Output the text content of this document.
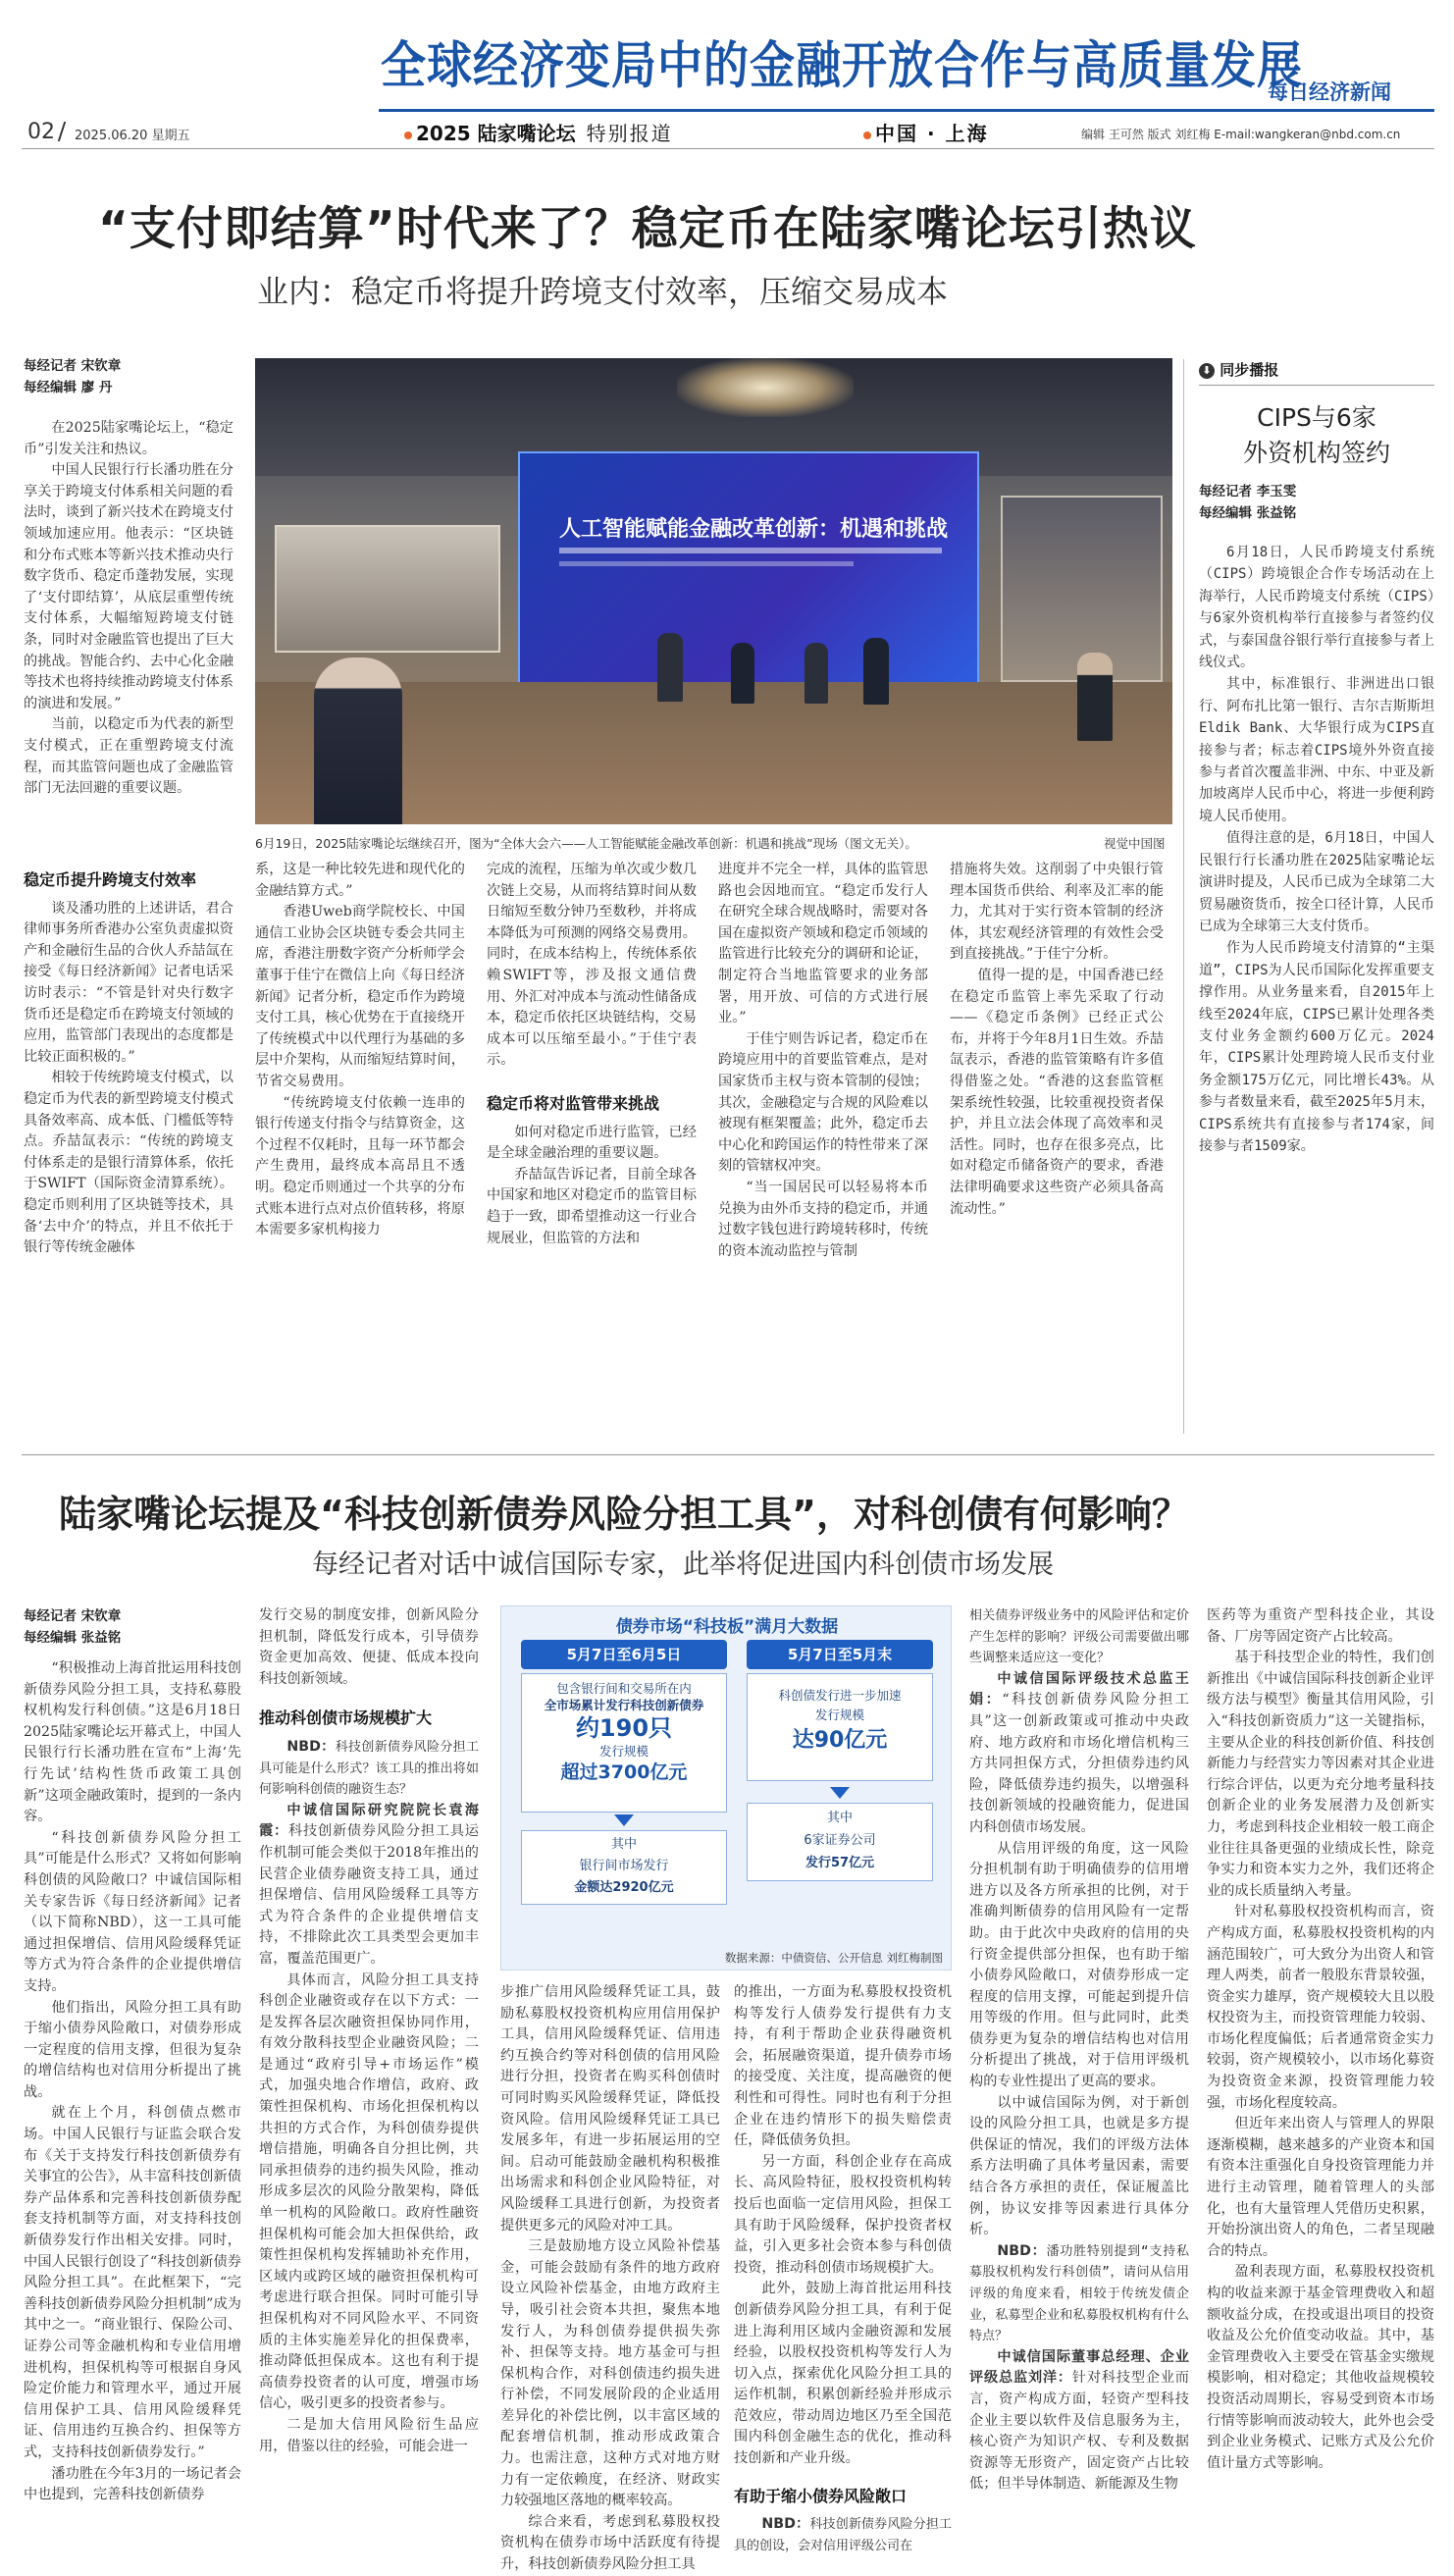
全球经济变局中的金融开放合作与高质量发展
每日经济新闻
02 2025.06.20 星期五	2025 陆家嘴论坛 特别报道	中国 · 上海	编辑 王可然 版式 刘红梅 E-mail:wangkeran@nbd.com.cn
“支付即结算”时代来了？稳定币在陆家嘴论坛引热议
业内：稳定币将提升跨境支付效率，压缩交易成本
每经记者 宋钦章
每经编辑 廖 丹
人工智能赋能金融改革创新：机遇和挑战
6月19日，2025陆家嘴论坛继续召开，图为“全体大会六——人工智能赋能金融改革创新：机遇和挑战”现场（图文无关）。	视觉中国图

在2025陆家嘴论坛上，“稳定币”引发关注和热议。

中国人民银行行长潘功胜在分享关于跨境支付体系相关问题的看法时，谈到了新兴技术在跨境支付领域加速应用。他表示：“区块链和分布式账本等新兴技术推动央行数字货币、稳定币蓬勃发展，实现了‘支付即结算’，从底层重塑传统支付体系，大幅缩短跨境支付链条，同时对金融监管也提出了巨大的挑战。智能合约、去中心化金融等技术也将持续推动跨境支付体系的演进和发展。”

当前，以稳定币为代表的新型支付模式，正在重塑跨境支付流程，而其监管问题也成了金融监管部门无法回避的重要议题。

稳定币提升跨境支付效率

谈及潘功胜的上述讲话，君合律师事务所香港办公室负责虚拟资产和金融衍生品的合伙人乔喆氙在接受《每日经济新闻》记者电话采访时表示：“不管是针对央行数字货币还是稳定币在跨境支付领域的应用，监管部门表现出的态度都是比较正面积极的。”

相较于传统跨境支付模式，以稳定币为代表的新型跨境支付模式具备效率高、成本低、门槛低等特点。乔喆氙表示：“传统的跨境支付体系走的是银行清算体系，依托于SWIFT（国际资金清算系统）。稳定币则利用了区块链等技术，具备‘去中介’的特点，并且不依托于银行等传统金融体

系，这是一种比较先进和现代化的金融结算方式。”

香港Uweb商学院校长、中国通信工业协会区块链专委会共同主席，香港注册数字资产分析师学会董事于佳宁在微信上向《每日经济新闻》记者分析，稳定币作为跨境支付工具，核心优势在于直接绕开了传统模式中以代理行为基础的多层中介架构，从而缩短结算时间，节省交易费用。

“传统跨境支付依赖一连串的银行传递支付指令与结算资金，这个过程不仅耗时，且每一环节都会产生费用，最终成本高昂且不透明。稳定币则通过一个共享的分布式账本进行点对点价值转移，将原本需要多家机构接力

完成的流程，压缩为单次或少数几次链上交易，从而将结算时间从数日缩短至数分钟乃至数秒，并将成本降低为可预测的网络交易费用。同时，在成本结构上，传统体系依赖SWIFT等，涉及报文通信费用、外汇对冲成本与流动性储备成本，稳定币依托区块链结构，交易成本可以压缩至最小。”于佳宁表示。

稳定币将对监管带来挑战

如何对稳定币进行监管，已经是全球金融治理的重要议题。

乔喆氙告诉记者，目前全球各中国家和地区对稳定币的监管目标趋于一致，即希望推动这一行业合规展业，但监管的方法和

进度并不完全一样，具体的监管思路也会因地而宜。“稳定币发行人在研究全球合规战略时，需要对各国在虚拟资产领域和稳定币领域的监管进行比较充分的调研和论证，制定符合当地监管要求的业务部署，用开放、可信的方式进行展业。”

于佳宁则告诉记者，稳定币在跨境应用中的首要监管难点，是对国家货币主权与资本管制的侵蚀；其次，金融稳定与合规的风险难以被现有框架覆盖；此外，稳定币去中心化和跨国运作的特性带来了深刻的管辖权冲突。

“当一国居民可以轻易将本币兑换为由外币支持的稳定币，并通过数字钱包进行跨境转移时，传统的资本流动监控与管制

措施将失效。这削弱了中央银行管理本国货币供给、利率及汇率的能力，尤其对于实行资本管制的经济体，其宏观经济管理的有效性会受到直接挑战。”于佳宁分析。

值得一提的是，中国香港已经在稳定币监管上率先采取了行动——《稳定币条例》已经正式公布，并将于今年8月1日生效。乔喆氙表示，香港的监管策略有许多值得借鉴之处。“香港的这套监管框架系统性较强，比较重视投资者保护，并且立法会体现了高效率和灵活性。同时，也存在很多亮点，比如对稳定币储备资产的要求，香港法律明确要求这些资产必须具备高流动性。”

⬇ 同步播报
CIPS与6家
外资机构签约
每经记者 李玉雯
每经编辑 张益铭

6月18日，人民币跨境支付系统（CIPS）跨境银企合作专场活动在上海举行，人民币跨境支付系统（CIPS）与6家外资机构举行直接参与者签约仪式，与泰国盘谷银行举行直接参与者上线仪式。

其中，标准银行、非洲进出口银行、阿布扎比第一银行、吉尔吉斯斯坦Eldik Bank、大华银行成为CIPS直接参与者；标志着CIPS境外外资直接参与者首次覆盖非洲、中东、中亚及新加坡离岸人民币中心，将进一步便利跨境人民币使用。

值得注意的是，6月18日，中国人民银行行长潘功胜在2025陆家嘴论坛演讲时提及，人民币已成为全球第二大贸易融资货币，按全口径计算，人民币已成为全球第三大支付货币。

作为人民币跨境支付清算的“主渠道”，CIPS为人民币国际化发挥重要支撑作用。从业务量来看，自2015年上线至2024年底，CIPS已累计处理各类支付业务金额约600万亿元。2024年，CIPS累计处理跨境人民币支付业务金额175万亿元，同比增长43%。从参与者数量来看，截至2025年5月末，CIPS系统共有直接参与者174家，间接参与者1509家。

陆家嘴论坛提及“科技创新债券风险分担工具”，对科创债有何影响？
每经记者对话中诚信国际专家，此举将促进国内科创债市场发展
每经记者 宋钦章
每经编辑 张益铭

“积极推动上海首批运用科技创新债券风险分担工具，支持私募股权机构发行科创债。”这是6月18日2025陆家嘴论坛开幕式上，中国人民银行行长潘功胜在宣布“上海‘先行先试’结构性货币政策工具创新”这项金融政策时，提到的一条内容。

“科技创新债券风险分担工具”可能是什么形式？又将如何影响科创债的风险敞口？中诚信国际相关专家告诉《每日经济新闻》记者（以下简称NBD），这一工具可能通过担保增信、信用风险缓释凭证等方式为符合条件的企业提供增信支持。

他们指出，风险分担工具有助于缩小债券风险敞口，对债券形成一定程度的信用支撑，但很为复杂的增信结构也对信用分析提出了挑战。

就在上个月，科创债点燃市场。中国人民银行与证监会联合发布《关于支持发行科技创新债券有关事宜的公告》，从丰富科技创新债券产品体系和完善科技创新债券配套支持机制等方面，对支持科技创新债券发行作出相关安排。同时，中国人民银行创设了“科技创新债券风险分担工具”。在此框架下，“完善科技创新债券风险分担机制”成为其中之一。“商业银行、保险公司、证券公司等金融机构和专业信用增进机构，担保机构等可根据自身风险定价能力和管理水平，通过开展信用保护工具、信用风险缓释凭证、信用违约互换合约、担保等方式，支持科技创新债券发行。”

潘功胜在今年3月的一场记者会中也提到，完善科技创新债券

发行交易的制度安排，创新风险分担机制，降低发行成本，引导债券资金更加高效、便捷、低成本投向科技创新领域。

推动科创债市场规模扩大

NBD：科技创新债券风险分担工具可能是什么形式？该工具的推出将如何影响科创债的融资生态？

中诚信国际研究院院长袁海霞：科技创新债券风险分担工具运作机制可能会类似于2018年推出的民营企业债券融资支持工具，通过担保增信、信用风险缓释工具等方式为符合条件的企业提供增信支持，不排除此次工具类型会更加丰富，覆盖范围更广。

具体而言，风险分担工具支持科创企业融资或存在以下方式：一是发挥各层次融资担保协同作用，有效分散科技型企业融资风险；二是通过“政府引导+市场运作”模式，加强央地合作增信，政府、政策性担保机构、市场化担保机构以共担的方式合作，为科创债券提供增信措施，明确各自分担比例，共同承担债券的违约损失风险，推动形成多层次的风险分散架构，降低单一机构的风险敞口。政府性融资担保机构可能会加大担保供给，政策性担保机构发挥辅助补充作用，区域内或跨区域的融资担保机构可考虑进行联合担保。同时可能引导担保机构对不同风险水平、不同资质的主体实施差异化的担保费率，推动降低担保成本。这也有利于提高债券投资者的认可度，增强市场信心，吸引更多的投资者参与。

二是加大信用风险衍生品应用，借鉴以往的经验，可能会进一

债券市场“科技板”满月大数据
5月7日至6月5日
包含银行间和交易所在内
全市场累计发行科技创新债券
约190只
发行规模
超过3700亿元
其中
银行间市场发行
金额达2920亿元
5月7日至5月末
科创债发行进一步加速
发行规模
达90亿元
其中
6家证券公司
发行57亿元
数据来源：中债资信、公开信息 刘红梅制图

步推广信用风险缓释凭证工具，鼓励私募股权投资机构应用信用保护工具，信用风险缓释凭证、信用违约互换合约等对科创债的信用风险进行分担，投资者在购买科创债时可同时购买风险缓释凭证，降低投资风险。信用风险缓释凭证工具已发展多年，有进一步拓展运用的空间。启动可能鼓励金融机构积极推出场需求和科创企业风险特征，对风险缓释工具进行创新，为投资者提供更多元的风险对冲工具。

三是鼓励地方设立风险补偿基金，可能会鼓励有条件的地方政府设立风险补偿基金，由地方政府主导，吸引社会资本共担，聚焦本地发行人，为科创债券提供损失弥补、担保等支持。地方基金可与担保机构合作，对科创债违约损失进行补偿，不同发展阶段的企业适用差异化的补偿比例，以丰富区域的配套增信机制，推动形成政策合力。也需注意，这种方式对地方财力有一定依赖度，在经济、财政实力较强地区落地的概率较高。

综合来看，考虑到私募股权投资机构在债券市场中活跃度有待提升，科技创新债券风险分担工具

的推出，一方面为私募股权投资机构等发行人债券发行提供有力支持，有利于帮助企业获得融资机会，拓展融资渠道，提升债券市场的接受度、关注度，提高融资的便利性和可得性。同时也有利于分担企业在违约情形下的损失赔偿责任，降低债务负担。

另一方面，科创企业存在高成长、高风险特征，股权投资机构转投后也面临一定信用风险，担保工具有助于风险缓释，保护投资者权益，引入更多社会资本参与科创债投资，推动科创债市场规模扩大。

此外，鼓励上海首批运用科技创新债券风险分担工具，有利于促进上海利用区域内金融资源和发展经验，以股权投资机构等发行人为切入点，探索优化风险分担工具的运作机制，积累创新经验并形成示范效应，带动周边地区乃至全国范围内科创金融生态的优化，推动科技创新和产业升级。

有助于缩小债券风险敞口

NBD：科技创新债券风险分担工具的创设，会对信用评级公司在

相关债券评级业务中的风险评估和定价产生怎样的影响？评级公司需要做出哪些调整来适应这一变化？

中诚信国际评级技术总监王娟：“科技创新债券风险分担工具”这一创新政策或可推动中央政府、地方政府和市场化增信机构三方共同担保方式，分担债券违约风险，降低债券违约损失，以增强科技创新领域的投融资能力，促进国内科创债市场发展。

从信用评级的角度，这一风险分担机制有助于明确债券的信用增进方以及各方所承担的比例，对于准确判断债券的信用风险有一定帮助。由于此次中央政府的信用的央行资金提供部分担保，也有助于缩小债券风险敞口，对债券形成一定程度的信用支撑，可能起到提升信用等级的作用。但与此同时，此类债券更为复杂的增信结构也对信用分析提出了挑战，对于信用评级机构的专业性提出了更高的要求。

以中诚信国际为例，对于新创设的风险分担工具，也就是多方提供保证的情况，我们的评级方法体系方法明确了具体考量因素，需要结合各方承担的责任，保证履盖比例，协议安排等因素进行具体分析。

NBD：潘功胜特别提到“支持私募股权机构发行科创债”，请问从信用评级的角度来看，相较于传统发债企业，私募型企业和私募股权机构有什么特点？

中诚信国际董事总经理、企业评级总监刘洋：针对科技型企业而言，资产构成方面，轻资产型科技企业主要以软件及信息服务为主，核心资产为知识产权、专利及数据资源等无形资产，固定资产占比较低；但半导体制造、新能源及生物

医药等为重资产型科技企业，其设备、厂房等固定资产占比较高。

基于科技型企业的特性，我们创新推出《中诚信国际科技创新企业评级方法与模型》衡量其信用风险，引入“科技创新资质力”这一关键指标，主要从企业的科技创新价值、科技创新能力与经营实力等因素对其企业进行综合评估，以更为充分地考量科技创新企业的业务发展潜力及创新实力，考虑到科技企业相较一般工商企业往往具备更强的业绩成长性，除竞争实力和资本实力之外，我们还将企业的成长质量纳入考量。

针对私募股权投资机构而言，资产构成方面，私募股权投资机构的内涵范围较广，可大致分为出资人和管理人两类，前者一般股东背景较强，资金实力雄厚，资产规模较大且以股权投资为主，而投资管理能力较弱、市场化程度偏低；后者通常资金实力较弱，资产规模较小，以市场化募资为投资资金来源，投资管理能力较强，市场化程度较高。

但近年来出资人与管理人的界限逐渐模糊，越来越多的产业资本和国有资本注重强化自身投资管理能力并进行主动管理，随着管理人的头部化，也有大量管理人凭借历史积累，开始扮演出资人的角色，二者呈现融合的特点。

盈利表现方面，私募股权投资机构的收益来源于基金管理费收入和超额收益分成，在投或退出项目的投资收益及公允价值变动收益。其中，基金管理费收入主要受在管基金实缴规模影响，相对稳定；其他收益规模较投资活动周期长，容易受到资本市场行情等影响而波动较大，此外也会受到企业业务模式、记账方式及公允价值计量方式等影响。
